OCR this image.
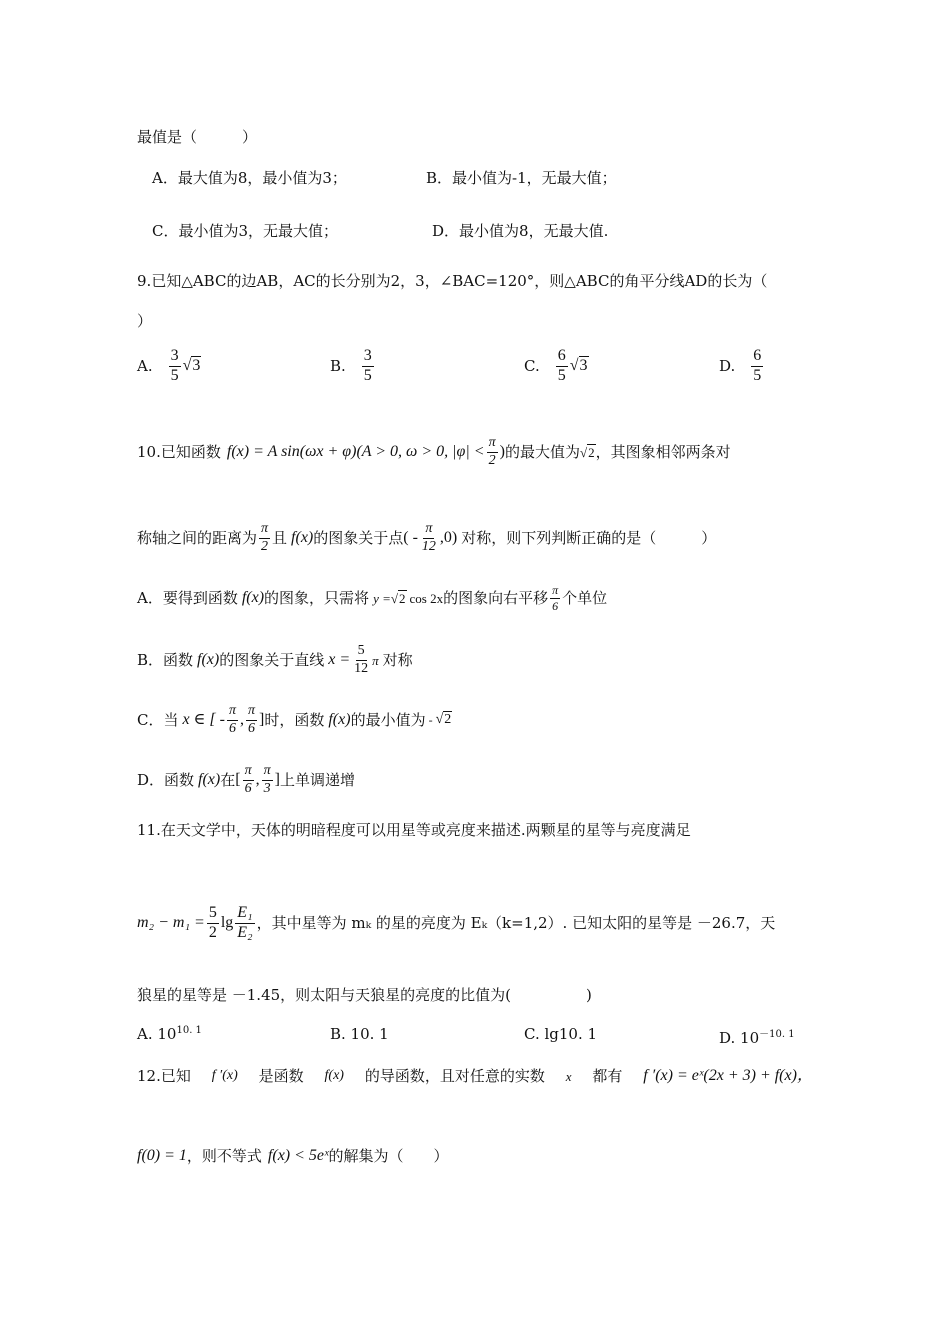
最值是（　　　）
A．最大值为8，最小值为3；	B．最小值为-1，无最大值；
C．最小值为3，无最大值；	D．最小值为8，无最大值.
9.已知△ABC的边AB，AC的长分别为2，3，∠BAC=120°，则△ABC的角平分线AD的长为（
）
A. $\frac{3}{5} √3$	B. $\frac{3}{5}$	C. $\frac{6}{5} √3$	D. $\frac{6}{5}$
10. 已知函数 f(x) = A sin(ωx + φ)(A > 0, ω > 0, $|\varphi| < \frac{\pi}{2}$ ) 的最大值为 √2 ，其图象相邻两条对
称轴之间的距离为 $\frac{\pi}{2}$ 且 f(x) 的图象关于点 ( - $\frac{\pi}{12} ,0$) 对称，则下列判断正确的是（　　　）
A．要得到函数 f(x) 的图象，只需将 y = √2 cos 2x 的图象向右平移 $\frac{\pi}{6}$ 个单位
B．函数 f(x) 的图象关于直线 $x = \frac{5}{12}$ π 对称
C．当 x ∈ [ - $\frac{\pi}{6}$ , $\frac{\pi}{6}$ ] 时，函数 f(x) 的最小值为 - √2
D．函数 f(x) 在 [ $\frac{\pi}{6}$ , $\frac{\pi}{3}$ ] 上单调递增
11.在天文学中，天体的明暗程度可以用星等或亮度来描述.两颗星的星等与亮度满足
$m_2 - m_1 = \frac{5}{2}$ $\lg \frac{\text{E₁}}{\text{E₂}}$ ，其中星等为 mₖ 的星的亮度为 Eₖ（k=1,2）. 已知太阳的星等是 －26.7，天
狼星的星等是 －1.45，则太阳与天狼星的亮度的比值为(　　　　　)
A. $10^{10. 1}$	B. 10. 1	C. lg10. 1	D. $10^{-10. 1}$
12.已知 f ′(x) 是函数 f(x) 的导函数，且对任意的实数 x 都有 f ′(x) = eˣ(2x + 3) + f(x)，
f(0) = 1 ，则不等式 f(x) < 5eˣ 的解集为（　　）
